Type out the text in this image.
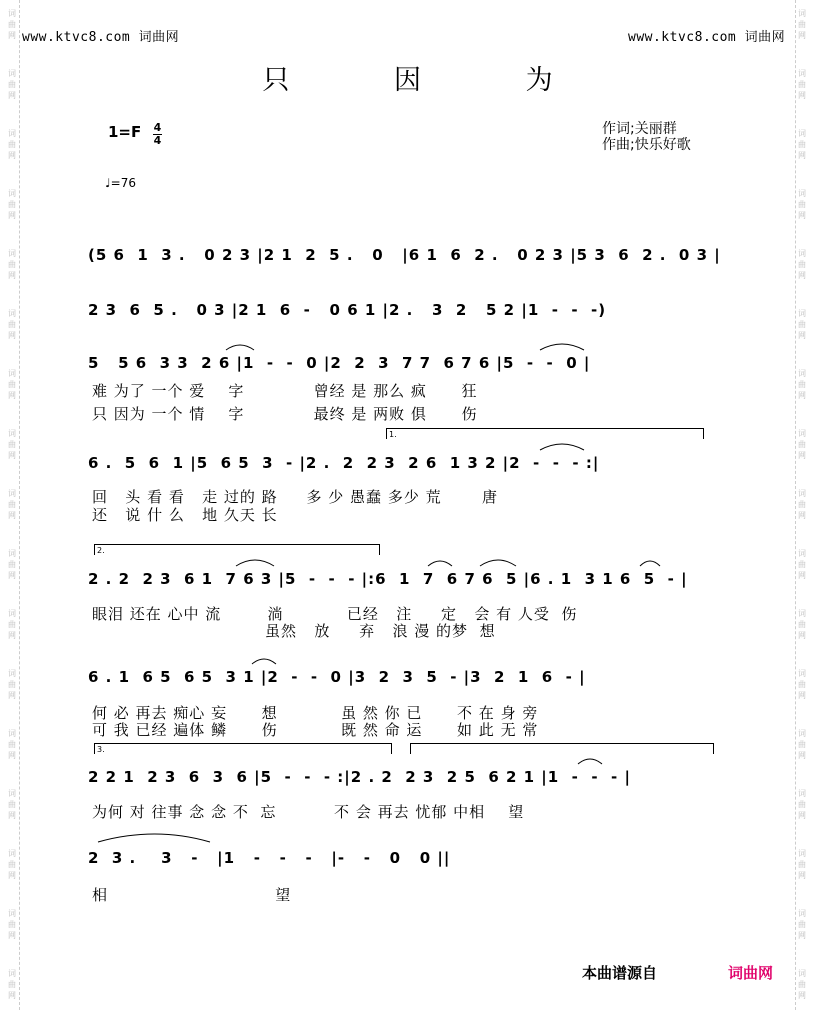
词
曲
网
词
曲
网
词
曲
网
词
曲
网
词
曲
网
词
曲
网
词
曲
网
词
曲
网
词
曲
网
词
曲
网
词
曲
网
词
曲
网
词
曲
网
词
曲
网
词
曲
网
词
曲
网
词
曲
网
词
曲
网
词
曲
网
词
曲
网
词
曲
网
词
曲
网
词
曲
网
词
曲
网
词
曲
网
词
曲
网
词
曲
网
词
曲
网
词
曲
网
词
曲
网
词
曲
网
词
曲
网
词
曲
网
词
曲
网
www.ktvc8.com 词曲网	www.ktvc8.com 词曲网
只 因 为
1=F 4
4
作词;关丽群
作曲;快乐好歌
♩=76
(5 6  1  3 .   0 2 3 |2 1  2  5 .   0   |6 1  6  2 .   0 2 3 |5 3  6  2 .  0 3 |
2 3  6  5 .   0 3 |2 1  6  -   0 6 1 |2 .   3  2   5 2 |1  -  -  -)
5   5 6  3 3  2 6 |1  -  -  0 |2  2  3  7 7  6 7 6 |5  -  -  0 |
难 为了 一个 爱    字            曾经 是 那么 疯      狂
只 因为 一个 情    字            最终 是 两败 俱      伤
1.
6 .  5  6  1 |5  6 5  3  - |2 .  2  2 3  2 6  1 3 2 |2  -  -  - :|
回   头 看 看   走 过的 路     多 少 愚蠢 多少 荒       唐
还   说 什 么   地 久天 长
2.
2 . 2  2 3  6 1  7 6 3 |5  -  -  - |:6  1  7  6 7 6  5 |6 . 1  3 1 6  5  - |
眼泪 还在 心中 流        淌           已经   注     定   会 有 人受  伤
虽然   放     弃   浪 漫 的梦  想
6 . 1  6 5  6 5  3 1 |2  -  -  0 |3  2  3  5  - |3  2  1  6  - |
何 必 再去 痴心 妄      想           虽 然 你 已      不 在 身 旁
可 我 已经 遍体 鳞      伤           既 然 命 运      如 此 无 常
3.
2 2 1  2 3  6  3  6 |5  -  -  - :|2 . 2  2 3  2 5  6 2 1 |1  -  -  - |
为何 对 往事 念 念 不  忘          不 会 再去 忧郁 中相    望
2  3 .    3   -   |1   -   -   -   |-   -   0   0 ||
相                             望
本曲谱源自	词曲网
